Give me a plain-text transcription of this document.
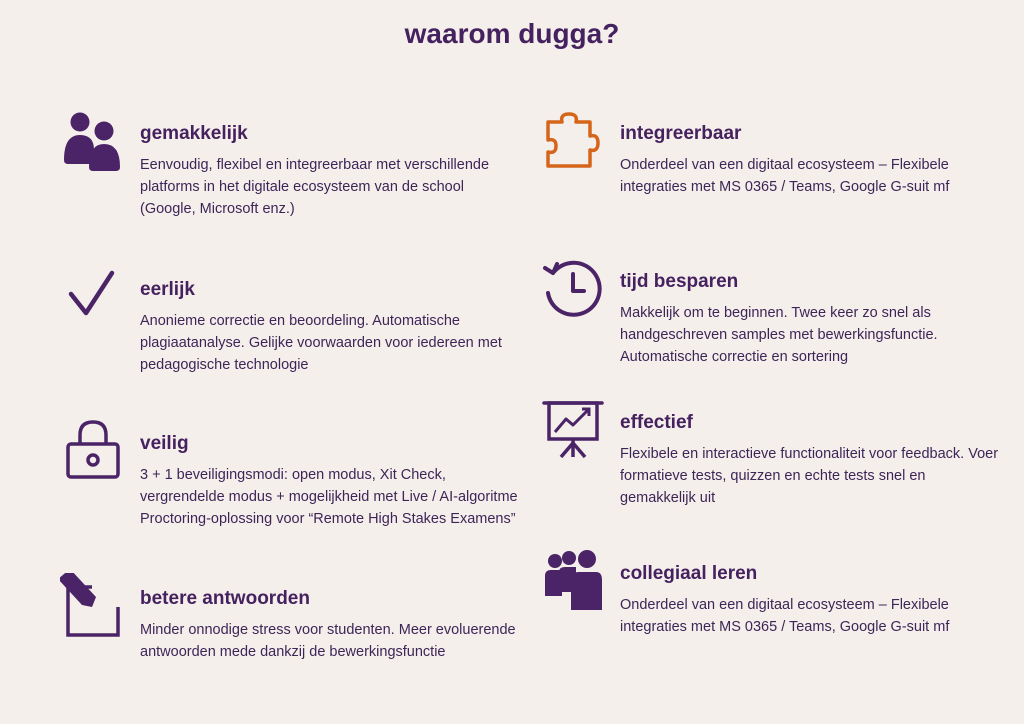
waarom dugga?
gemakkelijk

Eenvoudig, flexibel en integreerbaar met verschillende platforms in het digitale ecosysteem van de school (Google, Microsoft enz.)

integreerbaar

Onderdeel van een digitaal ecosysteem – Flexibele integraties met MS 0365 / Teams, Google G-suit mf

eerlijk

Anonieme correctie en beoordeling. Automatische plagiaatanalyse. Gelijke voorwaarden voor iedereen met pedagogische technologie

tijd besparen

Makkelijk om te beginnen. Twee keer zo snel als handgeschreven samples met bewerkingsfunctie. Automatische correctie en sortering

veilig

3 + 1 beveiligingsmodi: open modus, Xit Check, vergrendelde modus + mogelijkheid met Live / AI-algoritme Proctoring-oplossing voor “Remote High Stakes Examens”

effectief

Flexibele en interactieve functionaliteit voor feedback. Voer formatieve tests, quizzen en echte tests snel en gemakkelijk uit

betere antwoorden

Minder onnodige stress voor studenten. Meer evoluerende antwoorden mede dankzij de bewerkingsfunctie

collegiaal leren

Onderdeel van een digitaal ecosysteem – Flexibele integraties met MS 0365 / Teams, Google G-suit mf
